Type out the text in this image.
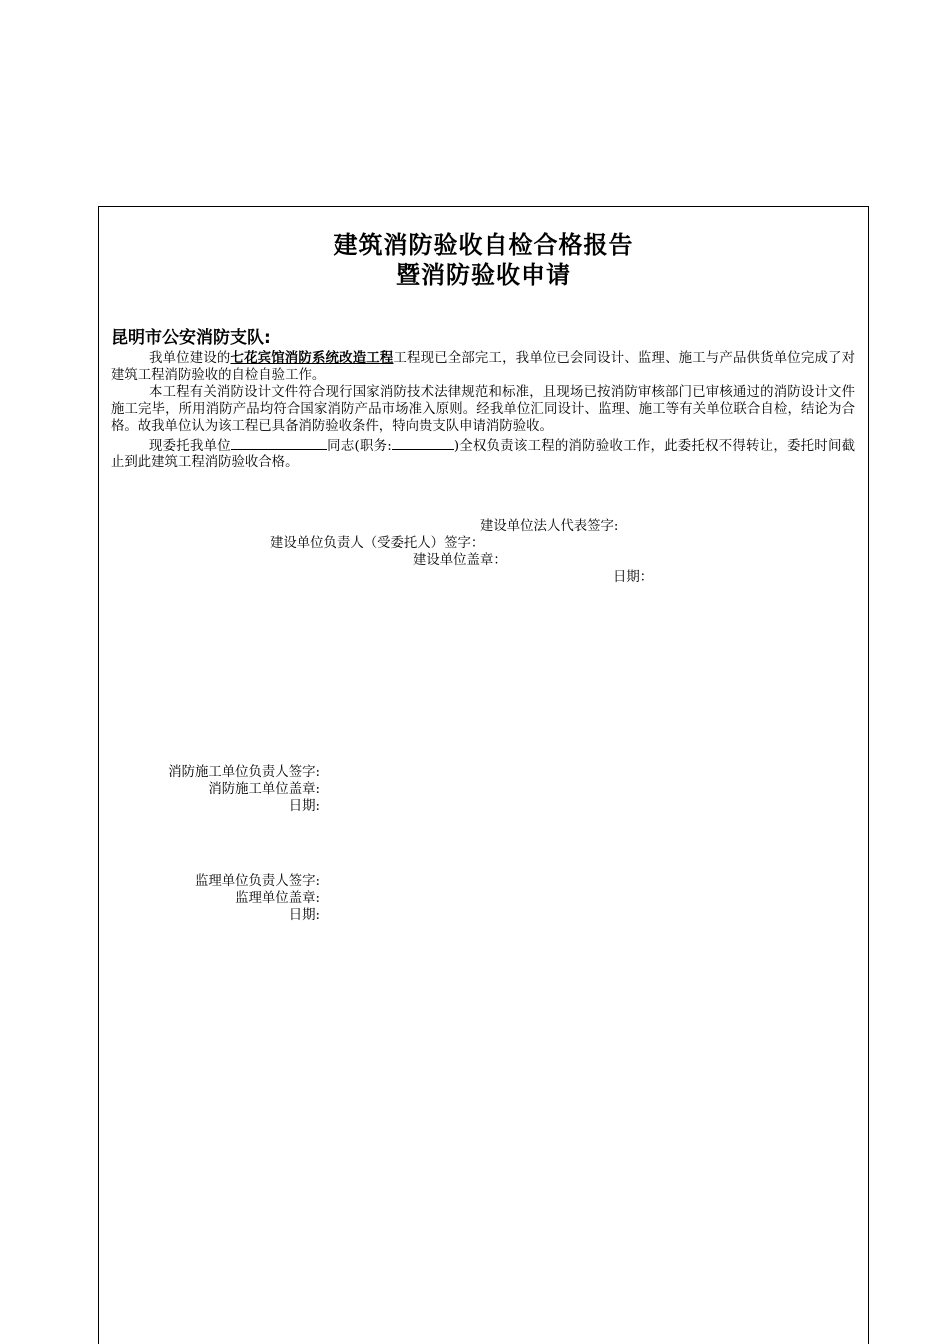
建筑消防验收自检合格报告
暨消防验收申请
昆明市公安消防支队:

我单位建设的七花宾馆消防系统改造工程工程现已全部完工，我单位已会同设计、监理、施工与产品供货单位完成了对建筑工程消防验收的自检自验工作。

本工程有关消防设计文件符合现行国家消防技术法律规范和标准，且现场已按消防审核部门已审核通过的消防设计文件施工完毕，所用消防产品均符合国家消防产品市场准入原则。经我单位汇同设计、监理、施工等有关单位联合自检，结论为合格。故我单位认为该工程已具备消防验收条件，特向贵支队申请消防验收。

现委托我单位	同志(职务:	)全权负责该工程的消防验收工作，此委托权不得转让，委托时间截止到此建筑工程消防验收合格。

建设单位法人代表签字:
建设单位负责人（受委托人）签字：
建设单位盖章：
日期：
消防施工单位负责人签字:
消防施工单位盖章:
日期:
监理单位负责人签字:
监理单位盖章:
日期:
